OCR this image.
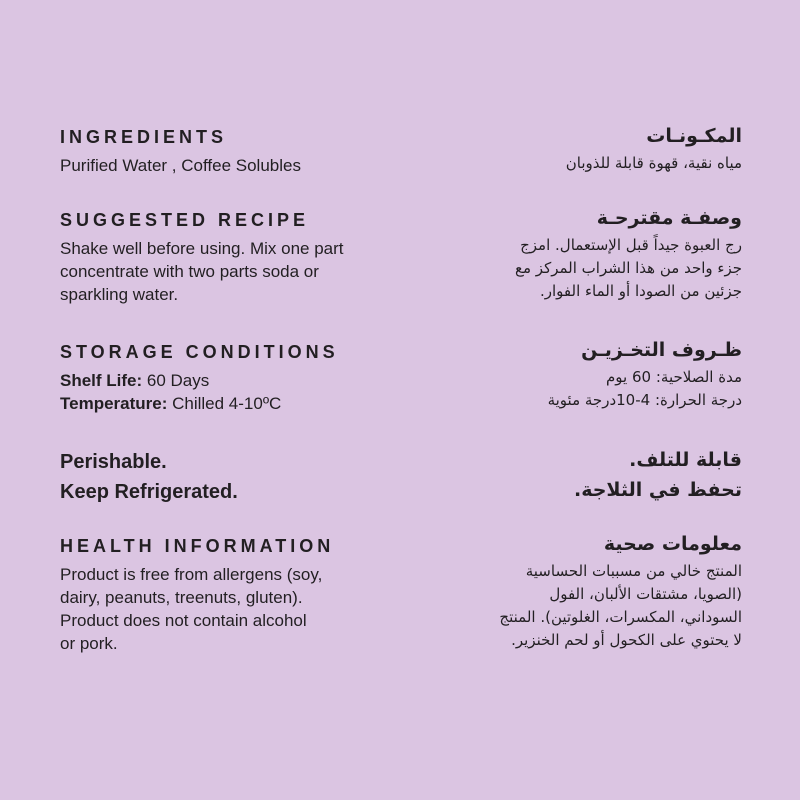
INGREDIENTS

Purified Water , Coffee Solubles

SUGGESTED RECIPE

Shake well before using. Mix one part
concentrate with two parts soda or
sparkling water.

STORAGE CONDITIONS

Shelf Life: 60 Days
Temperature: Chilled 4-10ºC

Perishable.
Keep Refrigerated.

HEALTH INFORMATION

Product is free from allergens (soy,
dairy, peanuts, treenuts, gluten).
Product does not contain alcohol
or pork.

المكـونـات

مياه نقية، قهوة قابلة للذوبان

وصفـة مقترحـة

رج العبوة جيداً قبل الإستعمال. امزج
جزء واحد من هذا الشراب المركز مع
جزئين من الصودا أو الماء الفوار.

ظـروف التخـزيـن

مدة الصلاحية: 60 يوم
درجة الحرارة: 4-10درجة مئوية

قابلة للتلف.
تحفظ في الثلاجة.

معلومات صحية

المنتج خالي من مسببات الحساسية
(الصويا، مشتقات الألبان، الفول
السوداني، المكسرات، الغلوتين). المنتج
لا يحتوي على الكحول أو لحم الخنزير.
